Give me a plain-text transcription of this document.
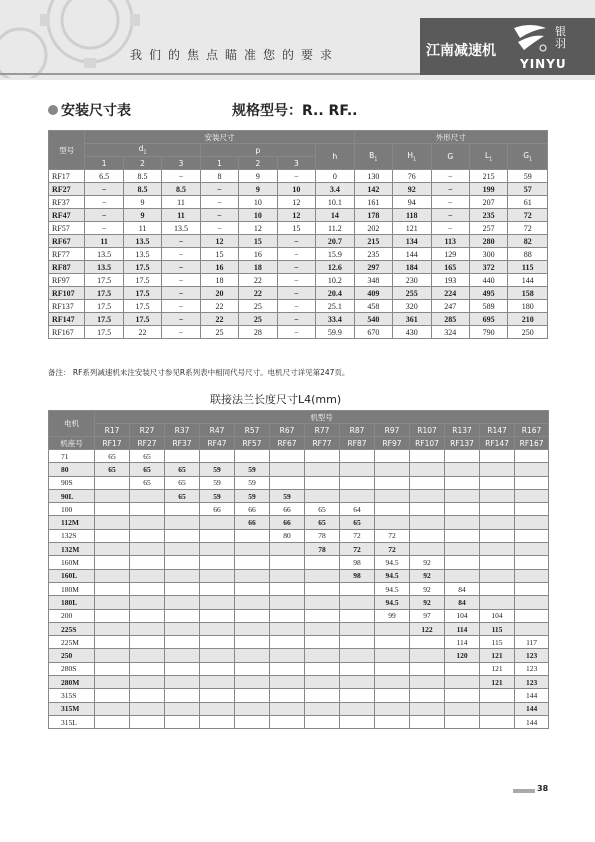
我们的焦点瞄准您的要求	江南减速机
银羽
YINYU
安装尺寸表	规格型号：R.. RF..
型号	安装尺寸							外形尺寸				
	$d_1$			p			h	$B_1$	$H_1$	G	$L_1$	$G_1$
	1	2	3	1	2	3						
RF17	6.5	8.5	−	8	9	−	0	130	76	−	215	59
RF27	−	8.5	8.5	−	9	10	3.4	142	92	−	199	57
RF37	−	9	11	−	10	12	10.1	161	94	−	207	61
RF47	−	9	11	−	10	12	14	178	118	−	235	72
RF57	−	11	13.5	−	12	15	11.2	202	121	−	257	72
RF67	11	13.5	−	12	15	−	20.7	215	134	113	280	82
RF77	13.5	13.5	−	15	16	−	15.9	235	144	129	300	88
RF87	13.5	17.5	−	16	18	−	12.6	297	184	165	372	115
RF97	17.5	17.5	−	18	22	−	10.2	348	230	193	440	144
RF107	17.5	17.5	−	20	22	−	20.4	409	255	224	495	158
RF137	17.5	17.5	−	22	25	−	25.1	458	320	247	589	180
RF147	17.5	17.5	−	22	25	−	33.4	540	361	285	695	210
RF167	17.5	22	−	25	28	−	59.9	670	430	324	790	250
备注： RF系列减速机未注安装尺寸参见R系列表中相同代号尺寸。电机尺寸详见第247页。
联接法兰长度尺寸L4(mm)
电机	机型号												
	R17	R27	R37	R47	R57	R67	R77	R87	R97	R107	R137	R147	R167
机座号	RF17	RF27	RF37	RF47	RF57	RF67	RF77	RF87	RF97	RF107	RF137	RF147	RF167
71	65	65											
80	65	65	65	59	59								
90S		65	65	59	59								
90L			65	59	59	59							
100				66	66	66	65	64					
112M					66	66	65	65					
132S						80	78	72	72				
132M							78	72	72				
160M								98	94.5	92			
160L								98	94.5	92			
180M									94.5	92	84		
180L									94.5	92	84		
200									99	97	104	104	
225S										122	114	115	
225M											114	115	117
250											120	121	123
280S												121	123
280M												121	123
315S													144
315M													144
315L													144
38
